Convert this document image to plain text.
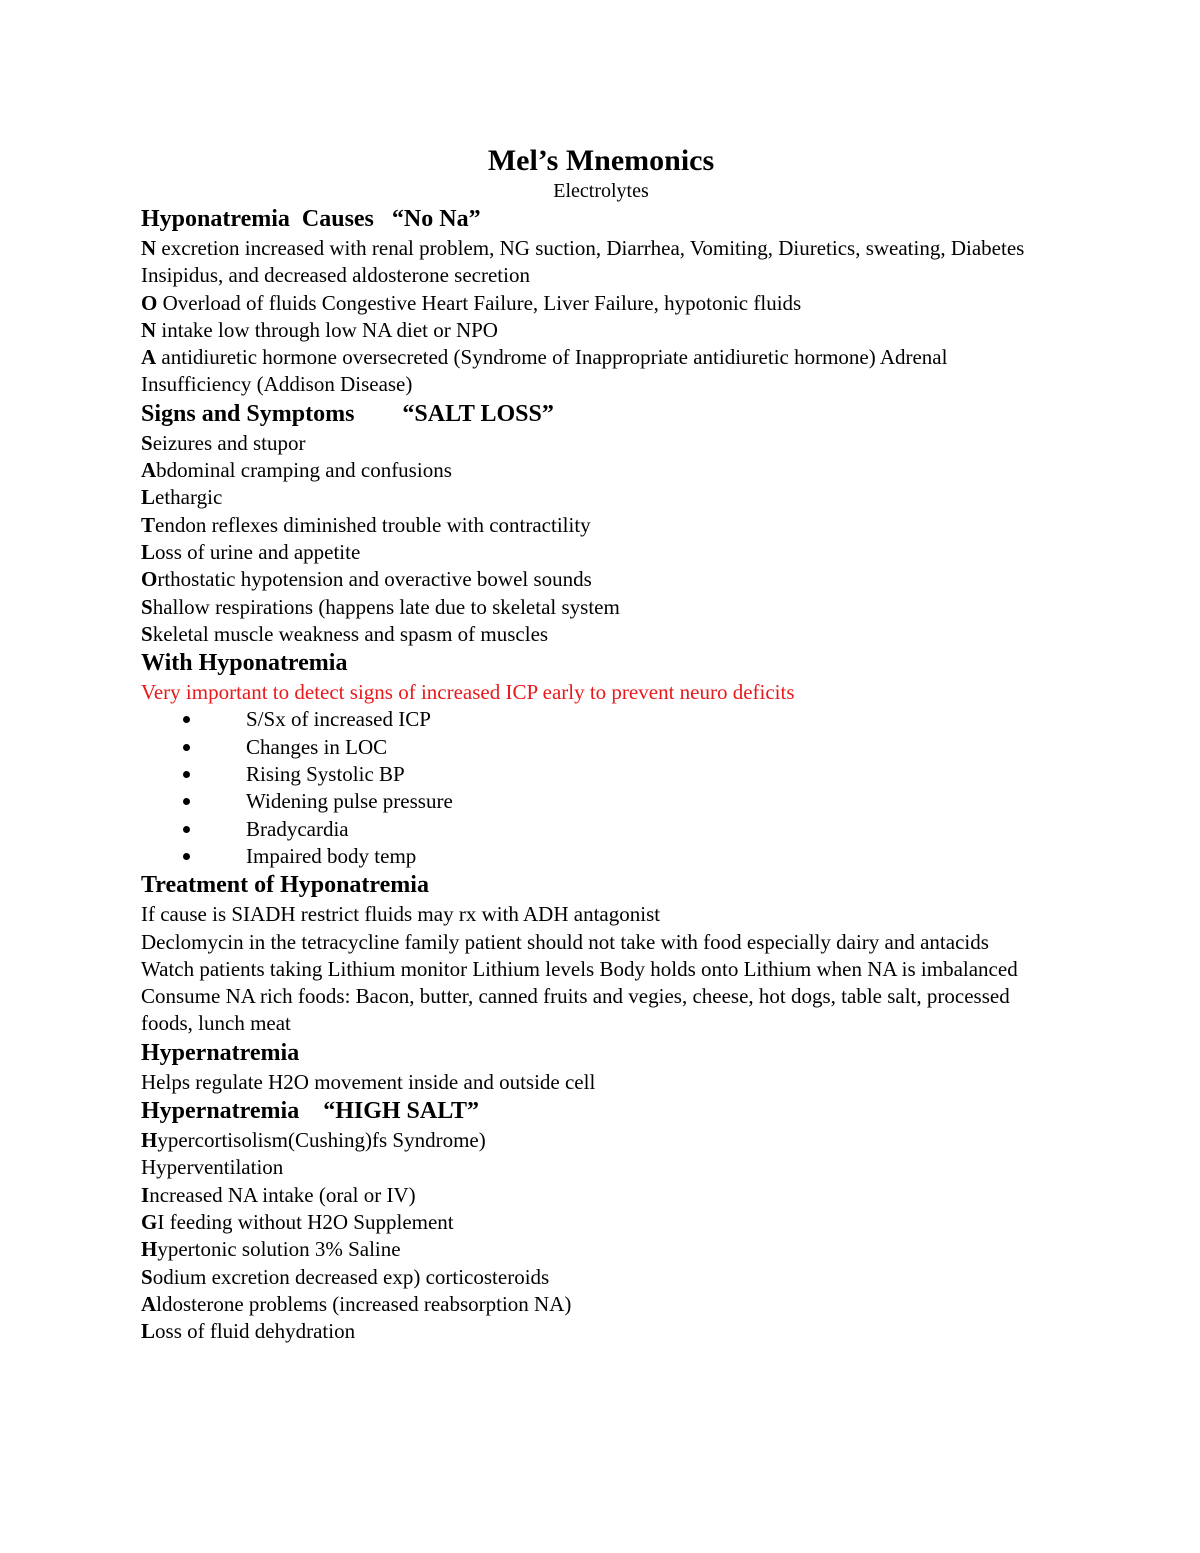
Mel’s Mnemonics

Electrolytes

Hyponatremia  Causes   “No Na”

N excretion increased with renal problem, NG suction, Diarrhea, Vomiting, Diuretics, sweating, Diabetes Insipidus, and decreased aldosterone secretion

O Overload of fluids Congestive Heart Failure, Liver Failure, hypotonic fluids

N intake low through low NA diet or NPO

A antidiuretic hormone oversecreted (Syndrome of Inappropriate antidiuretic hormone) Adrenal Insufficiency (Addison Disease)

Signs and Symptoms        “SALT LOSS”

Seizures and stupor

Abdominal cramping and confusions

Lethargic

Tendon reflexes diminished trouble with contractility

Loss of urine and appetite

Orthostatic hypotension and overactive bowel sounds

Shallow respirations (happens late due to skeletal system

Skeletal muscle weakness and spasm of muscles

With Hyponatremia

Very important to detect signs of increased ICP early to prevent neuro deficits

S/Sx of increased ICP
Changes in LOC
Rising Systolic BP
Widening pulse pressure
Bradycardia
Impaired body temp

Treatment of Hyponatremia

If cause is SIADH restrict fluids may rx with ADH antagonist

Declomycin in the tetracycline family patient should not take with food especially dairy and antacids

Watch patients taking Lithium monitor Lithium levels Body holds onto Lithium when NA is imbalanced

Consume NA rich foods: Bacon, butter, canned fruits and vegies, cheese, hot dogs, table salt, processed foods, lunch meat

Hypernatremia

Helps regulate H2O movement inside and outside cell

Hypernatremia    “HIGH SALT”

Hypercortisolism(Cushing)fs Syndrome)

Hyperventilation

Increased NA intake (oral or IV)

GI feeding without H2O Supplement

Hypertonic solution 3% Saline

Sodium excretion decreased exp) corticosteroids

Aldosterone problems (increased reabsorption NA)

Loss of fluid dehydration
